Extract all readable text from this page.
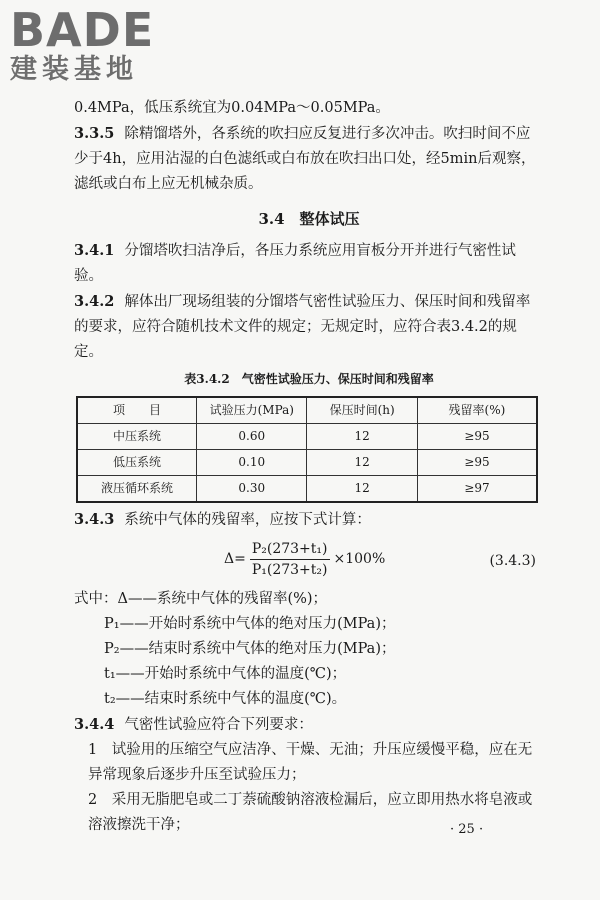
BADE
建装基地

0.4MPa，低压系统宜为0.04MPa～0.05MPa。

3.3.5 除精馏塔外，各系统的吹扫应反复进行多次冲击。吹扫时间不应少于4h，应用沾湿的白色滤纸或白布放在吹扫出口处，经5min后观察，滤纸或白布上应无机械杂质。

3.4　整体试压

3.4.1 分馏塔吹扫洁净后，各压力系统应用盲板分开并进行气密性试验。

3.4.2 解体出厂现场组装的分馏塔气密性试验压力、保压时间和残留率的要求，应符合随机技术文件的规定；无规定时，应符合表3.4.2的规定。

表3.4.2　气密性试验压力、保压时间和残留率

项　　目	试验压力(MPa)	保压时间(h)	残留率(%)
中压系统	0.60	12	≥95
低压系统	0.10	12	≥95
液压循环系统	0.30	12	≥97

3.4.3 系统中气体的残留率，应按下式计算：

$\Delta= \frac{\text{P₂(273+t₁)}}{\text{P₁(273+t₂)}} \times 100\%$	(3.4.3)

式中：Δ——系统中气体的残留率(%)；

P₁——开始时系统中气体的绝对压力(MPa)；

P₂——结束时系统中气体的绝对压力(MPa)；

t₁——开始时系统中气体的温度(℃)；

t₂——结束时系统中气体的温度(℃)。

3.4.4 气密性试验应符合下列要求：

1　试验用的压缩空气应洁净、干燥、无油；升压应缓慢平稳，应在无异常现象后逐步升压至试验压力；

2　采用无脂肥皂或二丁萘硫酸钠溶液检漏后，应立即用热水将皂液或溶液擦洗干净；	· 25 ·
